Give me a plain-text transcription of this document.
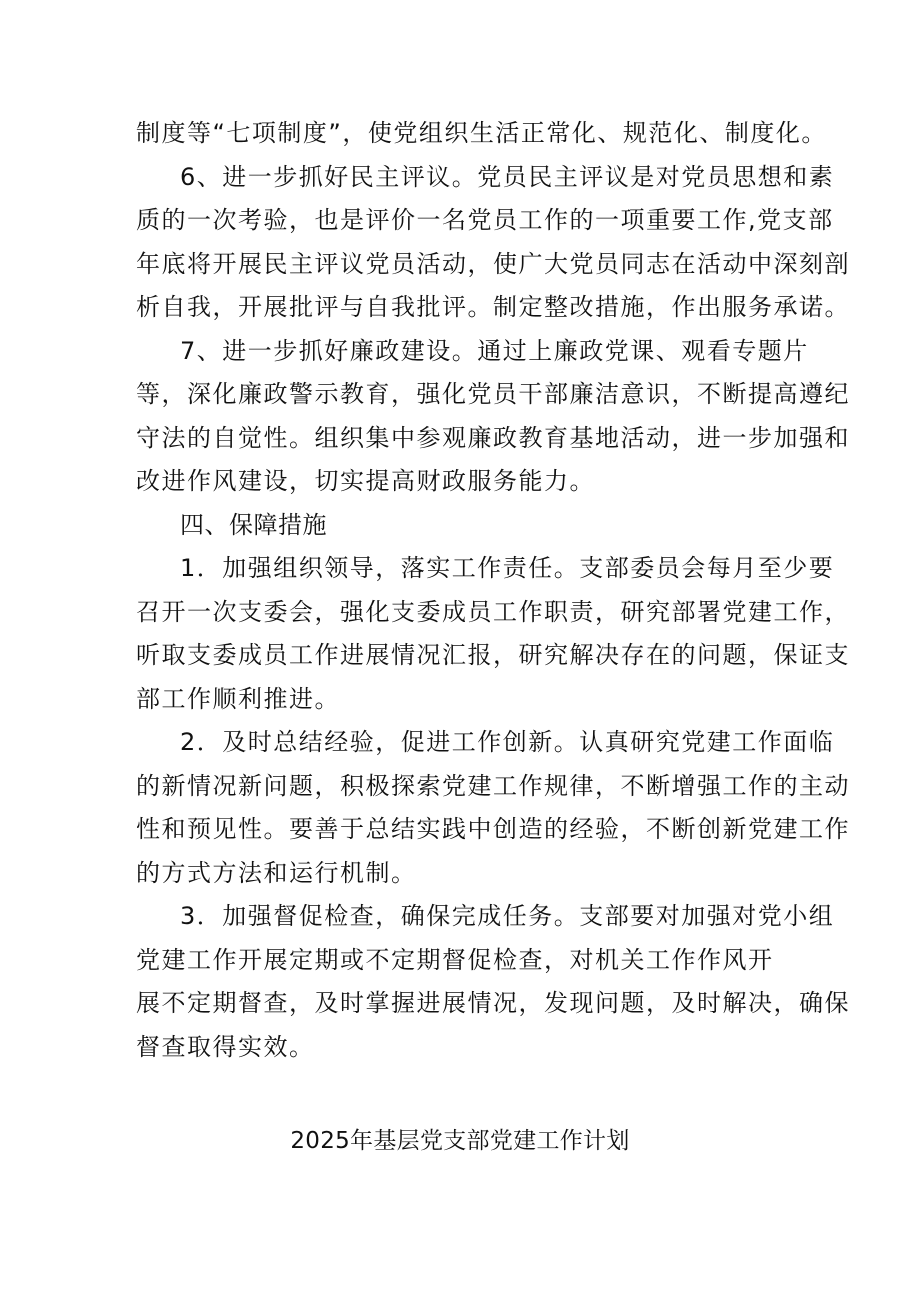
制度等“七项制度”，使党组织生活正常化、规范化、制度化。
6、进一步抓好民主评议。党员民主评议是对党员思想和素
质的一次考验，也是评价一名党员工作的一项重要工作,党支部
年底将开展民主评议党员活动，使广大党员同志在活动中深刻剖
析自我，开展批评与自我批评。制定整改措施，作出服务承诺。
7、进一步抓好廉政建设。通过上廉政党课、观看专题片
等，深化廉政警示教育，强化党员干部廉洁意识，不断提高遵纪
守法的自觉性。组织集中参观廉政教育基地活动，进一步加强和
改进作风建设，切实提高财政服务能力。
四、保障措施
1．加强组织领导，落实工作责任。支部委员会每月至少要
召开一次支委会，强化支委成员工作职责，研究部署党建工作，
听取支委成员工作进展情况汇报，研究解决存在的问题，保证支
部工作顺利推进。
2．及时总结经验，促进工作创新。认真研究党建工作面临
的新情况新问题，积极探索党建工作规律，不断增强工作的主动
性和预见性。要善于总结实践中创造的经验，不断创新党建工作
的方式方法和运行机制。
3．加强督促检查，确保完成任务。支部要对加强对党小组
党建工作开展定期或不定期督促检查，对机关工作作风开
展不定期督查，及时掌握进展情况，发现问题，及时解决，确保
督查取得实效。
2025年基层党支部党建工作计划
